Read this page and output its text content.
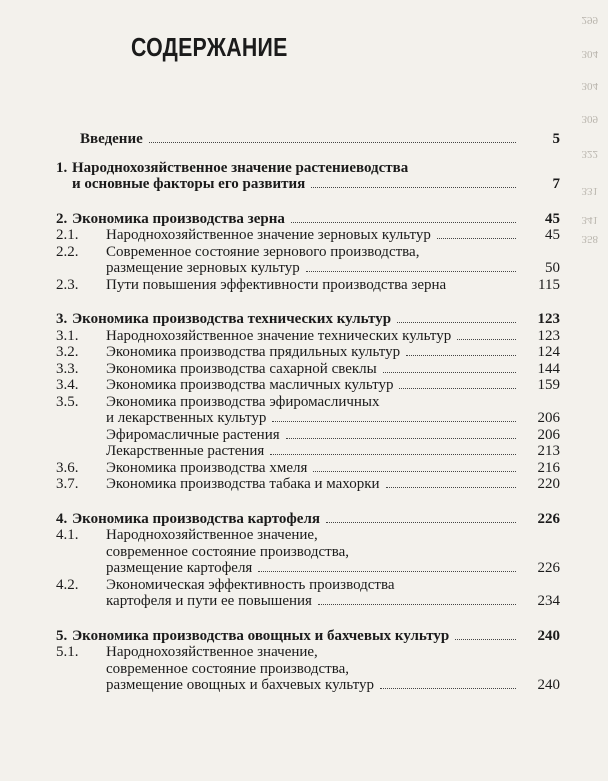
299
304
304
309
322
331
341
358
СОДЕРЖАНИЕ
Введение	5
1. Народнохозяйственное значение растениеводства
и основные факторы его развития	7
2. Экономика производства зерна	45
2.1.	Народнохозяйственное значение зерновых культур	45
2.2.	Современное состояние зернового производства,
размещение зерновых культур	50
2.3.	Пути повышения эффективности производства зерна	115
3. Экономика производства технических культур	123
3.1.	Народнохозяйственное значение технических культур	123
3.2.	Экономика производства прядильных культур	124
3.3.	Экономика производства сахарной свеклы	144
3.4.	Экономика производства масличных культур	159
3.5.	Экономика производства эфиромасличных
и лекарственных культур	206
Эфиромасличные растения	206
Лекарственные растения	213
3.6.	Экономика производства хмеля	216
3.7.	Экономика производства табака и махорки	220
4. Экономика производства картофеля	226
4.1.	Народнохозяйственное значение,
современное состояние производства,
размещение картофеля	226
4.2.	Экономическая эффективность производства
картофеля и пути ее повышения	234
5. Экономика производства овощных и бахчевых культур	240
5.1.	Народнохозяйственное значение,
современное состояние производства,
размещение овощных и бахчевых культур	240
